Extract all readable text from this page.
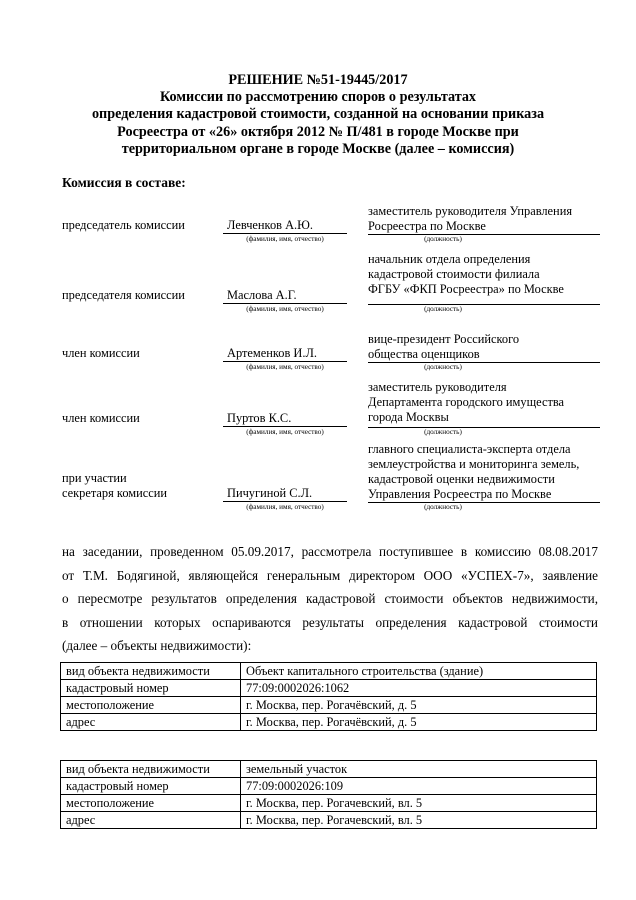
РЕШЕНИЕ №51-19445/2017
Комиссии по рассмотрению споров о результатах
определения кадастровой стоимости, созданной на основании приказа
Росреестра от «26» октября 2012 № П/481 в городе Москве при
территориальном органе в городе Москве (далее – комиссия)
Комиссия в составе:
председатель комиссии	Левченков А.Ю.
(фамилия, имя, отчество)
заместитель руководителя Управления
Росреестра по Москве
(должность)
председателя комиссии	Маслова А.Г.
(фамилия, имя, отчество)
начальник отдела определения
кадастровой стоимости филиала
ФГБУ «ФКП Росреестра» по Москве
(должность)
член комиссии	Артеменков И.Л.
(фамилия, имя, отчество)
вице-президент Российского
общества оценщиков
(должность)
член комиссии	Пуртов К.С.
(фамилия, имя, отчество)
заместитель руководителя
Департамента городского имущества
города Москвы
(должность)
при участии
секретаря комиссии	Пичугиной С.Л.
(фамилия, имя, отчество)
главного специалиста-эксперта отдела
землеустройства и мониторинга земель,
кадастровой оценки недвижимости
Управления Росреестра по Москве
(должность)
на заседании, проведенном 05.09.2017, рассмотрела поступившее в комиссию 08.08.2017
от Т.М. Бодягиной, являющейся генеральным директором ООО «УСПЕХ-7», заявление
о пересмотре результатов определения кадастровой стоимости объектов недвижимости,
в отношении которых оспариваются результаты определения кадастровой стоимости
(далее – объекты недвижимости):
вид объекта недвижимости	Объект капитального строительства (здание)
кадастровый номер	77:09:0002026:1062
местоположение	г. Москва, пер. Рогачёвский, д. 5
адрес	г. Москва, пер. Рогачёвский, д. 5
вид объекта недвижимости	земельный участок
кадастровый номер	77:09:0002026:109
местоположение	г. Москва, пер. Рогачевский, вл. 5
адрес	г. Москва, пер. Рогачевский, вл. 5
